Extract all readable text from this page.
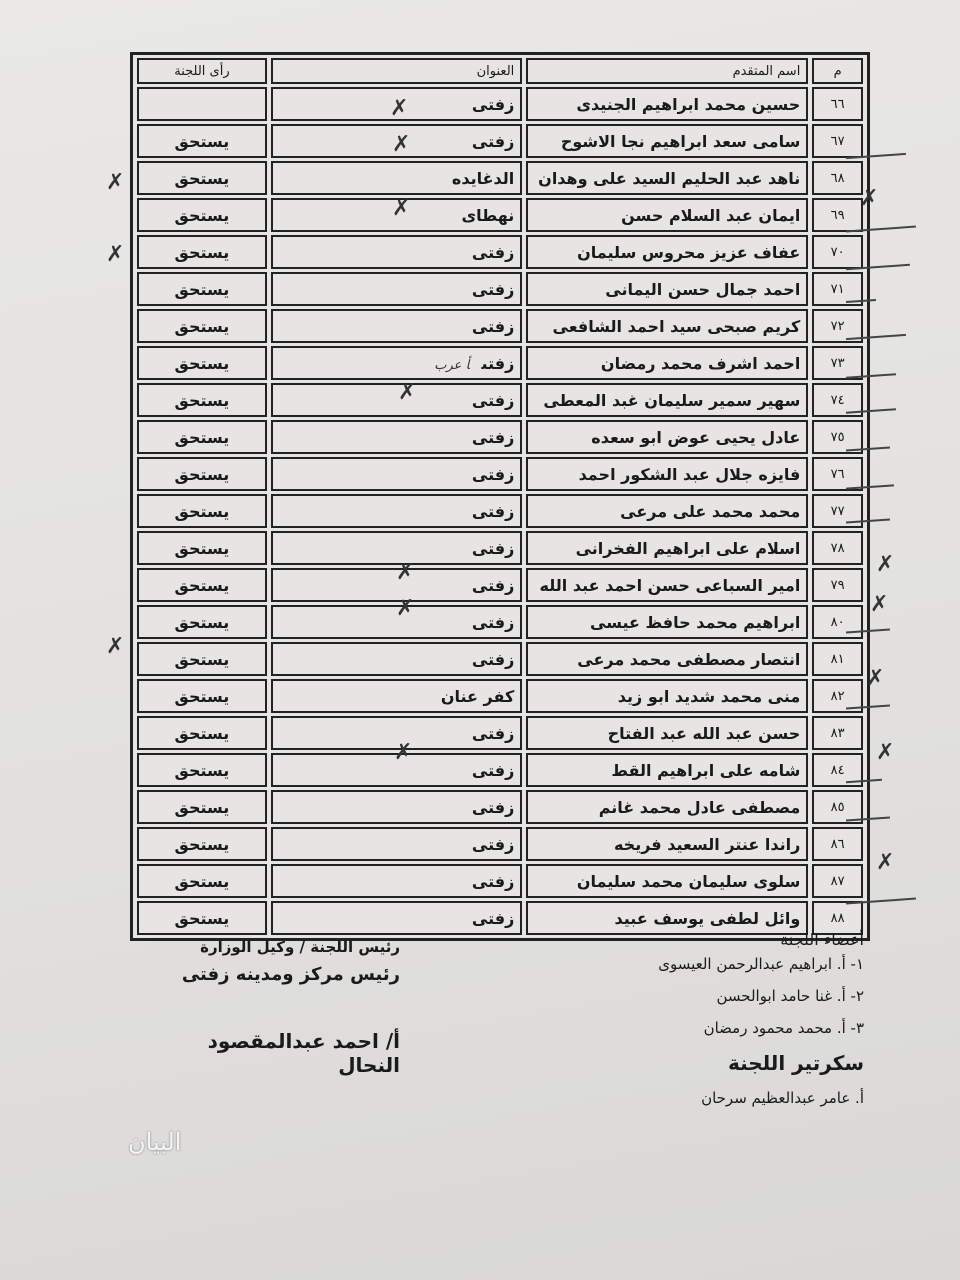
م	اسم المتقدم	العنوان	رأى اللجنة
٦٦	حسين محمد ابراهيم الجنيدى	زفتى	
٦٧	سامى سعد ابراهيم نجا الاشوح	زفتى	يستحق
٦٨	ناهد عبد الحليم السيد على وهدان	الدغايده	يستحق
٦٩	ايمان عبد السلام حسن	نهطاى	يستحق
٧٠	عفاف عزيز محروس سليمان	زفتى	يستحق
٧١	احمد جمال حسن اليمانى	زفتى	يستحق
٧٢	كريم صبحى سيد احمد الشافعى	زفتى	يستحق
٧٣	احمد اشرف محمد رمضان	زفتىأ عرب	يستحق
٧٤	سهير سمير سليمان غبد المعطى	زفتى	يستحق
٧٥	عادل يحيى عوض ابو سعده	زفتى	يستحق
٧٦	فايزه جلال عبد الشكور احمد	زفتى	يستحق
٧٧	محمد محمد على مرعى	زفتى	يستحق
٧٨	اسلام على ابراهيم الفخرانى	زفتى	يستحق
٧٩	امير السباعى حسن احمد عبد الله	زفتى	يستحق
٨٠	ابراهيم محمد حافظ عيسى	زفتى	يستحق
٨١	انتصار مصطفى محمد مرعى	زفتى	يستحق
٨٢	منى محمد شديد ابو زيد	كفر عنان	يستحق
٨٣	حسن عبد الله عبد الفتاح	زفتى	يستحق
٨٤	شامه على ابراهيم القط	زفتى	يستحق
٨٥	مصطفى عادل محمد غانم	زفتى	يستحق
٨٦	راندا عنتر السعيد فريخه	زفتى	يستحق
٨٧	سلوى سليمان محمد سليمان	زفتى	يستحق
٨٨	وائل لطفى يوسف عبيد	زفتى	يستحق
✗
✗
✗
✗
✗
✗
✗
✗
✗
✗
✗
✗
✗
✗
✗
✗
أعضاء اللجنة
١- أ. ابراهيم عبدالرحمن العيسوى
٢- أ. غنا حامد ابوالحسن
٣- أ. محمد محمود رمضان
سكرتير اللجنة
أ. عامر عبدالعظيم سرحان
رئيس اللجنة / وكيل الوزارة
رئيس مركز ومدينه زفتى
أ/ احمد عبدالمقصود النحال
البيان
